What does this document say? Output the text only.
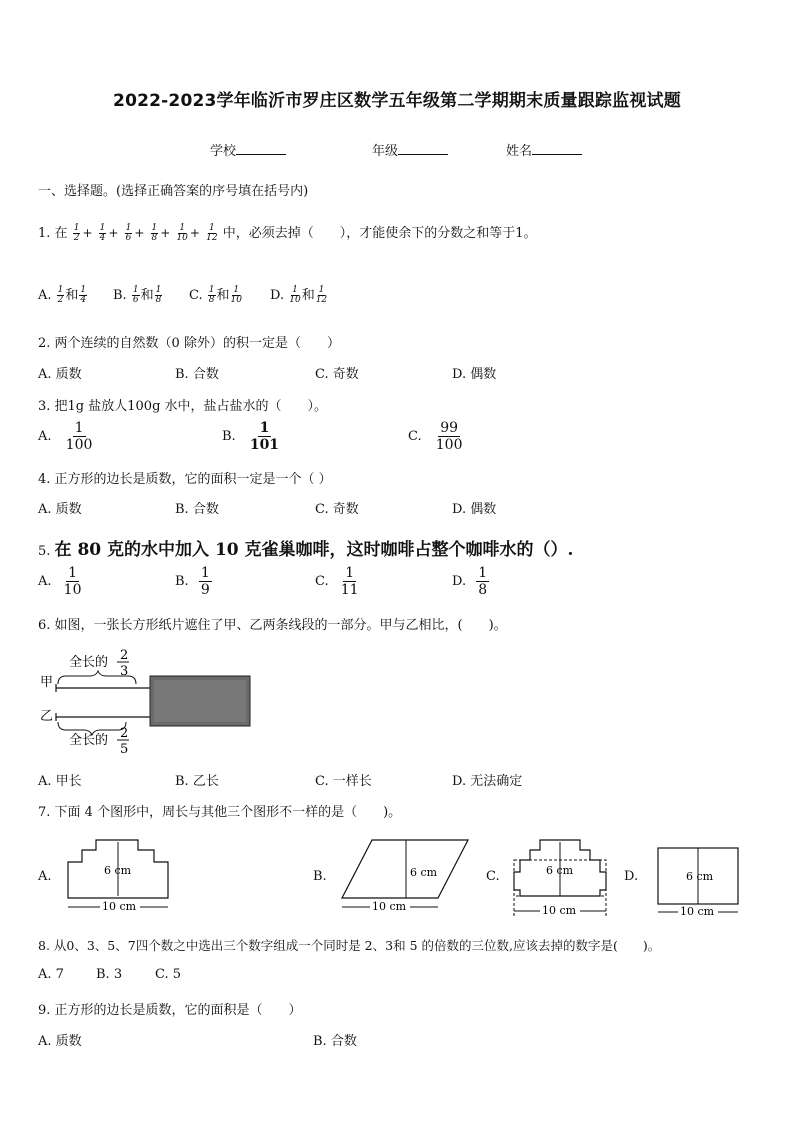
2022-2023学年临沂市罗庄区数学五年级第二学期期末质量跟踪监视试题
学校	年级	姓名
一、选择题。(选择正确答案的序号填在括号内)
1. 在 $\frac{1}{2} + \frac{1}{4} + \frac{1}{6} + \frac{1}{8} + \frac{1}{10} + \frac{1}{12}$ 中，必须去掉（　　），才能使余下的分数之和等于1。
A. $\frac{1}{2}$ 和 $\frac{1}{4} B$. $\frac{1}{6}$ 和 $\frac{1}{8} C$. $\frac{1}{8}$ 和 $\frac{1}{10} D$. $\frac{1}{10}$ 和 $\frac{1}{12}$
2. 两个连续的自然数（0 除外）的积一定是（　　）
A. 质数	B. 合数	C. 奇数	D. 偶数
3. 把1g 盐放人100g 水中，盐占盐水的（　　）。
A. $\frac{1}{100}$	B. $\frac{1}{101}$	C. $\frac{99}{100}$
4. 正方形的边长是质数，它的面积一定是一个（ ）
A. 质数	B. 合数	C. 奇数	D. 偶数
5. 在 80 克的水中加入 10 克雀巢咖啡，这时咖啡占整个咖啡水的（）.
A. $\frac{1}{10}$	B. $\frac{1}{9}$	C. $\frac{1}{11}$	D. $\frac{1}{8}$
6. 如图，一张长方形纸片遮住了甲、乙两条线段的一部分。甲与乙相比，(　　)。
全长的 2
3
甲
乙
全长的 2
5
A. 甲长	B. 乙长	C. 一样长	D. 无法确定
7. 下面 4 个图形中，周长与其他三个图形不一样的是（　　)。
A.	B.	C.	D.
6 cm
10 cm
6 cm
10 cm
6 cm
10 cm
6 cm
10 cm
8. 从0、3、5、7四个数之中选出三个数字组成一个同时是 2、3和 5 的倍数的三位数,应该去掉的数字是(　　)。
A. 7 B. 3	C. 5
9. 正方形的边长是质数，它的面积是（　　）
A. 质数	B. 合数
